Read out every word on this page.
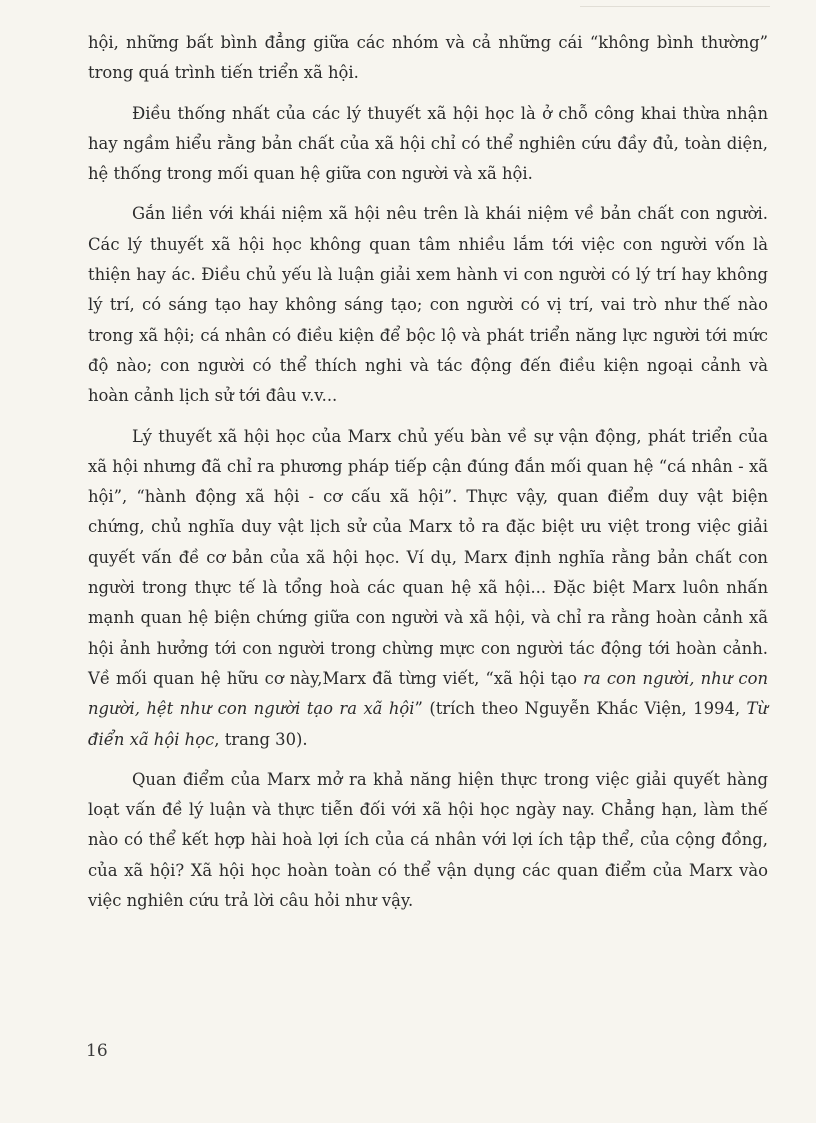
hội, những bất bình đẳng giữa các nhóm và cả những cái “không bình thường” trong quá trình tiến triển xã hội.

Điều thống nhất của các lý thuyết xã hội học là ở chỗ công khai thừa nhận hay ngầm hiểu rằng bản chất của xã hội chỉ có thể nghiên cứu đầy đủ, toàn diện, hệ thống trong mối quan hệ giữa con người và xã hội.

Gắn liền với khái niệm xã hội nêu trên là khái niệm về bản chất con người. Các lý thuyết xã hội học không quan tâm nhiều lắm tới việc con người vốn là thiện hay ác. Điều chủ yếu là luận giải xem hành vi con người có lý trí hay không lý trí, có sáng tạo hay không sáng tạo; con người có vị trí, vai trò như thế nào trong xã hội; cá nhân có điều kiện để bộc lộ và phát triển năng lực người tới mức độ nào; con người có thể thích nghi và tác động đến điều kiện ngoại cảnh và hoàn cảnh lịch sử tới đâu v.v...

Lý thuyết xã hội học của Marx chủ yếu bàn về sự vận động, phát triển của xã hội nhưng đã chỉ ra phương pháp tiếp cận đúng đắn mối quan hệ “cá nhân - xã hội”, “hành động xã hội - cơ cấu xã hội”. Thực vậy, quan điểm duy vật biện chứng, chủ nghĩa duy vật lịch sử của Marx tỏ ra đặc biệt ưu việt trong việc giải quyết vấn đề cơ bản của xã hội học. Ví dụ, Marx định nghĩa rằng bản chất con người trong thực tế là tổng hoà các quan hệ xã hội... Đặc biệt Marx luôn nhấn mạnh quan hệ biện chứng giữa con người và xã hội, và chỉ ra rằng hoàn cảnh xã hội ảnh hưởng tới con người trong chừng mực con người tác động tới hoàn cảnh. Về mối quan hệ hữu cơ này,Marx đã từng viết, “xã hội tạo ra con người, như con người, hệt như con người tạo ra xã hội” (trích theo Nguyễn Khắc Viện, 1994, Từ điển xã hội học, trang 30).

Quan điểm của Marx mở ra khả năng hiện thực trong việc giải quyết hàng loạt vấn đề lý luận và thực tiễn đối với xã hội học ngày nay. Chẳng hạn, làm thế nào có thể kết hợp hài hoà lợi ích của cá nhân với lợi ích tập thể, của cộng đồng, của xã hội? Xã hội học hoàn toàn có thể vận dụng các quan điểm của Marx vào việc nghiên cứu trả lời câu hỏi như vậy.

16
